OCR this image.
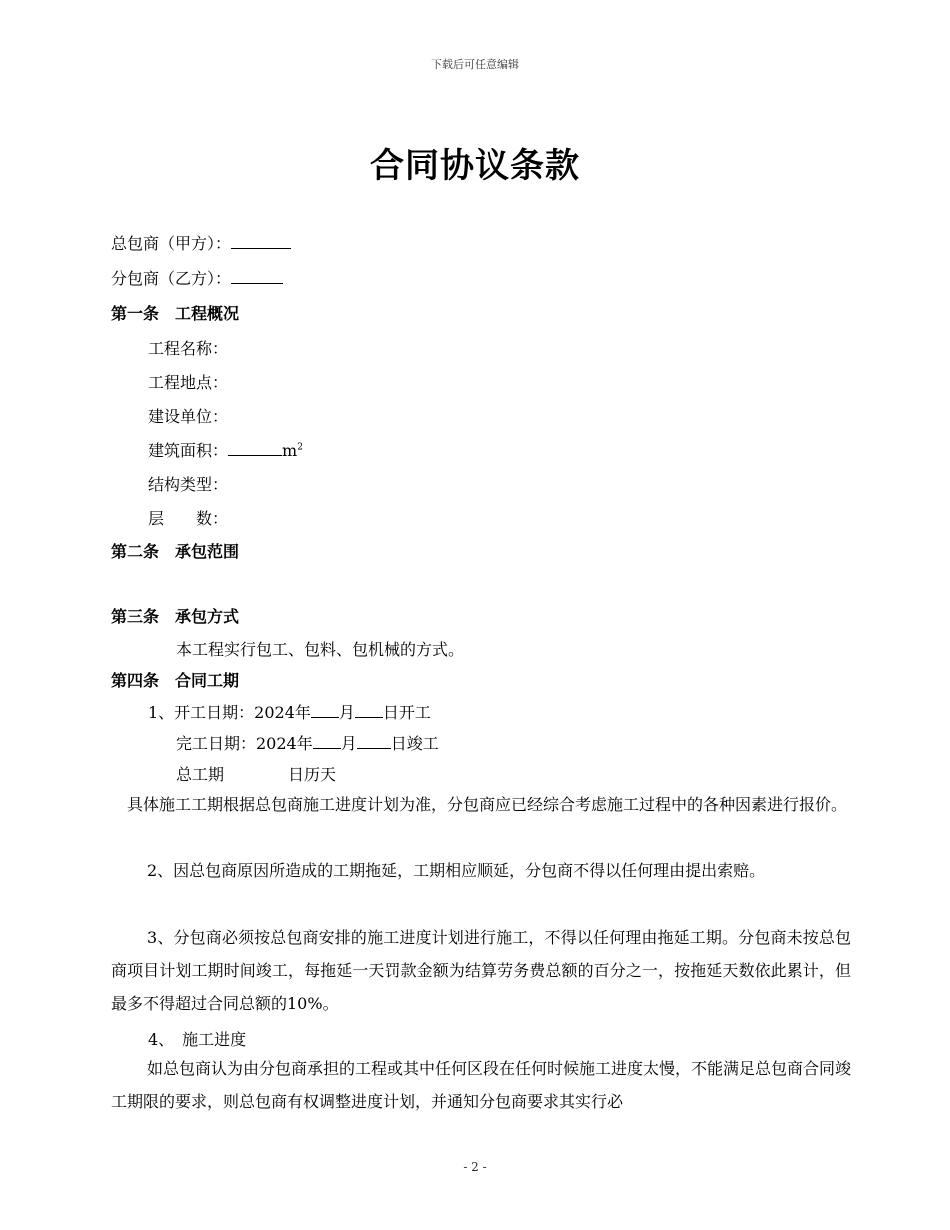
下载后可任意编辑
合同协议条款
总包商（甲方）：
分包商（乙方）：
第一条　工程概况
工程名称：
工程地点：
建设单位：
建筑面积：	$m^2$
结构类型：
层　　数：
第二条　承包范围
第三条　承包方式
本工程实行包工、包料、包机械的方式。
第四条　合同工期
1、开工日期：2024年 月 日开工
完工日期：2024年 月 日竣工
总工期	日历天
具体施工工期根据总包商施工进度计划为准，分包商应已经综合考虑施工过程中的各种因素进行报价。
2、因总包商原因所造成的工期拖延，工期相应顺延，分包商不得以任何理由提出索赔。
3、分包商必须按总包商安排的施工进度计划进行施工，不得以任何理由拖延工期。分包商未按总包商项目计划工期时间竣工，每拖延一天罚款金额为结算劳务费总额的百分之一，按拖延天数依此累计，但最多不得超过合同总额的10%。
4、　施工进度
如总包商认为由分包商承担的工程或其中任何区段在任何时候施工进度太慢，不能满足总包商合同竣工期限的要求，则总包商有权调整进度计划，并通知分包商要求其实行必
- 2 -
